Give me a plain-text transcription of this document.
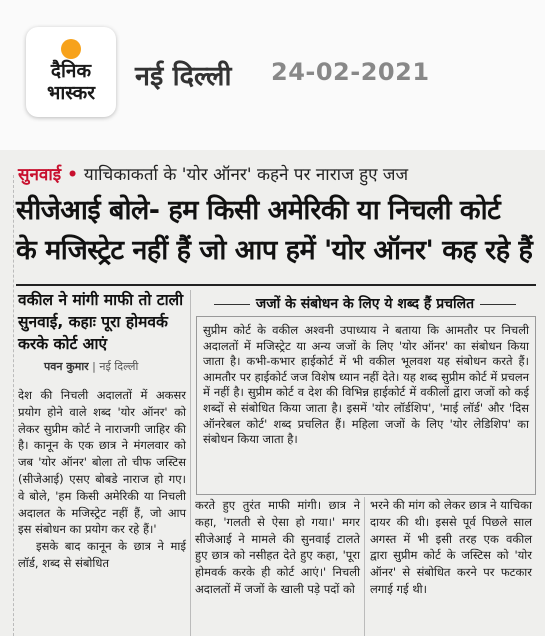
दैनिक
भास्कर
नई दिल्ली 24-02-2021
सुनवाई • याचिकाकर्ता के 'योर ऑनर' कहने पर नाराज हुए जज
सीजेआई बोले- हम किसी अमेरिकी या निचली कोर्ट
के मजिस्ट्रेट नहीं हैं जो आप हमें 'योर ऑनर' कह रहे हैं
वकील ने मांगी माफी तो टाली सुनवाई, कहाः पूरा होमवर्क करके कोर्ट आएं
पवन कुमार | नई दिल्ली

देश की निचली अदालतों में अकसर प्रयोग होने वाले शब्द 'योर ऑनर' को लेकर सुप्रीम कोर्ट ने नाराजगी जाहिर की है। कानून के एक छात्र ने मंगलवार को जब 'योर ऑनर' बोला तो चीफ जस्टिस (सीजेआई) एसए बोबडे नाराज हो गए। वे बोले, 'हम किसी अमेरिकी या निचली अदालत के मजिस्ट्रेट नहीं हैं, जो आप इस संबोधन का प्रयोग कर रहे हैं।'

इसके बाद कानून के छात्र ने माई लॉर्ड, शब्द से संबोधित

जजों के संबोधन के लिए ये शब्द हैं प्रचलित

सुप्रीम कोर्ट के वकील अश्वनी उपाध्याय ने बताया कि आमतौर पर निचली अदालतों में मजिस्ट्रेट या अन्य जजों के लिए 'योर ऑनर' का संबोधन किया जाता है। कभी-कभार हाईकोर्ट में भी वकील भूलवश यह संबोधन करते हैं। आमतौर पर हाईकोर्ट जज विशेष ध्यान नहीं देते। यह शब्द सुप्रीम कोर्ट में प्रचलन में नहीं है। सुप्रीम कोर्ट व देश की विभिन्न हाईकोर्ट में वकीलों द्वारा जजों को कई शब्दों से संबोधित किया जाता है। इसमें 'योर लॉर्डशिप', 'माई लॉर्ड' और 'दिस ऑनरेबल कोर्ट' शब्द प्रचलित हैं। महिला जजों के लिए 'योर लेडिशिप' का संबोधन किया जाता है।

करते हुए तुरंत माफी मांगी। छात्र ने कहा, 'गलती से ऐसा हो गया।' मगर सीजेआई ने मामले की सुनवाई टालते हुए छात्र को नसीहत देते हुए कहा, 'पूरा होमवर्क करके ही कोर्ट आएं।' निचली अदालतों में जजों के खाली पड़े पदों को

भरने की मांग को लेकर छात्र ने याचिका दायर की थी। इससे पूर्व पिछले साल अगस्त में भी इसी तरह एक वकील द्वारा सुप्रीम कोर्ट के जस्टिस को 'योर ऑनर' से संबोधित करने पर फटकार लगाई गई थी।
